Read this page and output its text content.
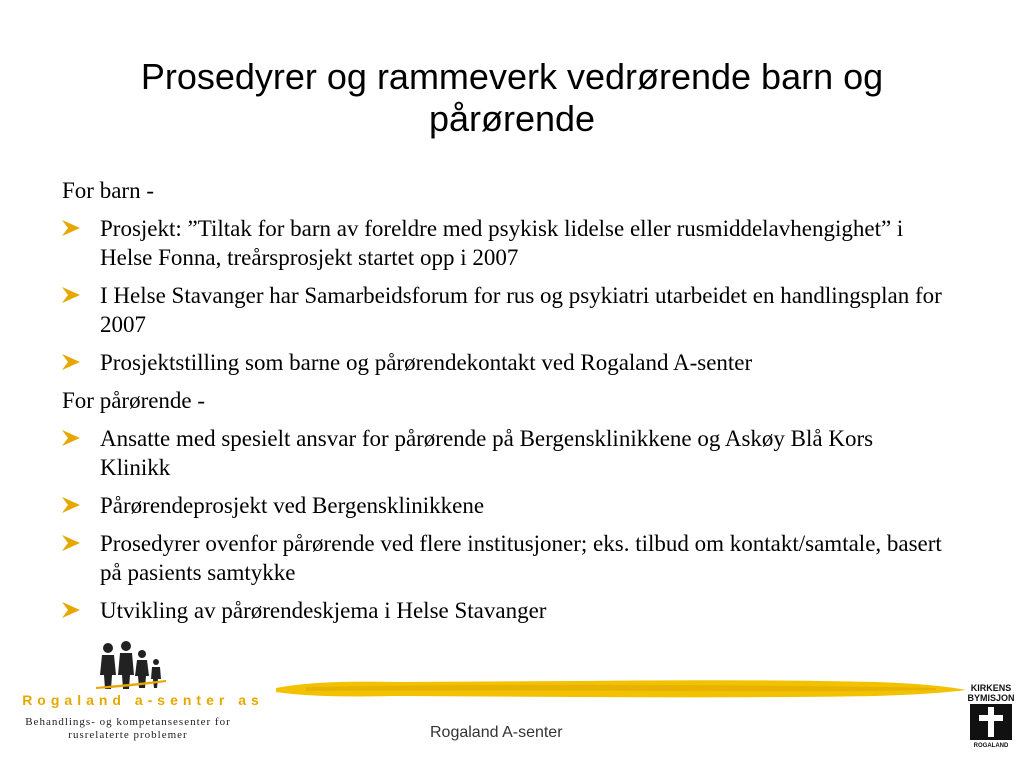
Prosedyrer og rammeverk vedrørende barn og pårørende
For barn -
Prosjekt: ”Tiltak for barn av foreldre med psykisk lidelse eller rusmiddelavhengighet” i Helse Fonna, treårsprosjekt startet opp i 2007
I Helse Stavanger har Samarbeidsforum for rus og psykiatri utarbeidet en handlingsplan for 2007
Prosjektstilling som barne og pårørendekontakt ved Rogaland A-senter
For pårørende -
Ansatte med spesielt ansvar for pårørende på Bergensklinikkene og Askøy Blå Kors Klinikk
Pårørendeprosjekt ved Bergensklinikkene
Prosedyrer ovenfor pårørende ved flere institusjoner; eks. tilbud om kontakt/samtale, basert på pasients samtykke
Utvikling av pårørendeskjema i Helse Stavanger
Rogaland a-senter as
Behandlings- og kompetansesenter for
rusrelaterte problemer	Rogaland A-senter
KIRKENS
BYMISJON
ROGALAND
